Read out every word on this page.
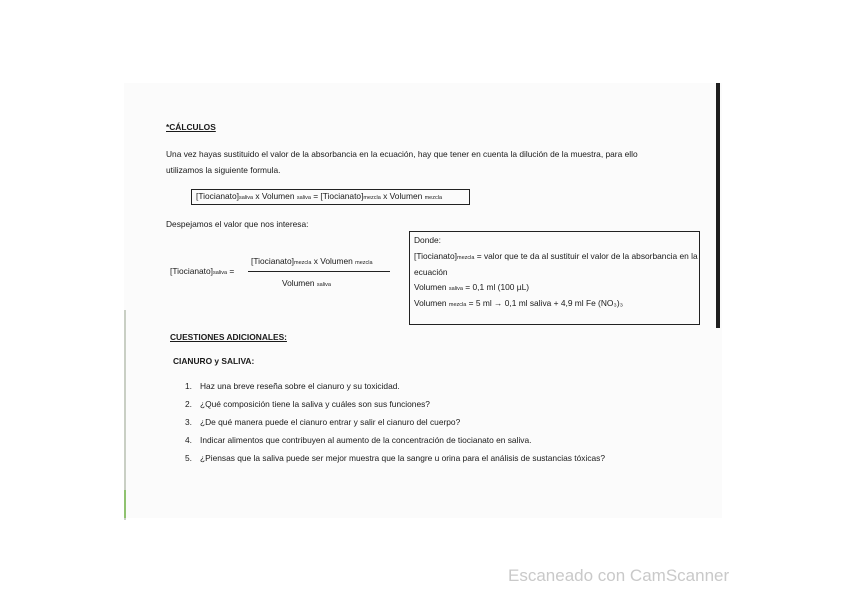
*CÁLCULOS
Una vez hayas sustituido el valor de la absorbancia en la ecuación, hay que tener en cuenta la dilución de la muestra, para ello
utilizamos la siguiente formula.
[Tiocianato]saliva x Volumen saliva = [Tiocianato]mezcla x Volumen mezcla
Despejamos el valor que nos interesa:
[Tiocianato]saliva =
[Tiocianato]mezcla x Volumen mezcla
Volumen saliva
Donde:
[Tiocianato]mezcla = valor que te da al sustituir el valor de la absorbancia en la
ecuación
Volumen saliva = 0,1 ml (100 µL)
Volumen mezcla = 5 ml → 0,1 ml saliva + 4,9 ml Fe (NO₃)₃
CUESTIONES ADICIONALES:
CIANURO y SALIVA:
1. Haz una breve reseña sobre el cianuro y su toxicidad.
2. ¿Qué composición tiene la saliva y cuáles son sus funciones?
3. ¿De qué manera puede el cianuro entrar y salir el cianuro del cuerpo?
4. Indicar alimentos que contribuyen al aumento de la concentración de tiocianato en saliva.
5. ¿Piensas que la saliva puede ser mejor muestra que la sangre u orina para el análisis de sustancias tóxicas?
Escaneado con CamScanner
